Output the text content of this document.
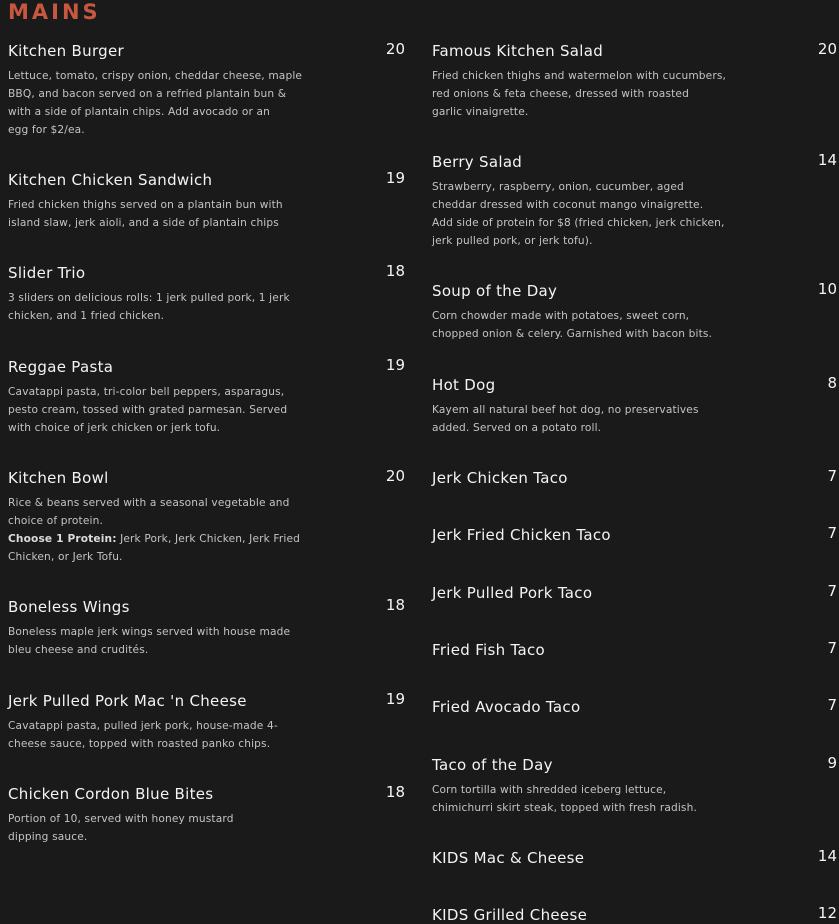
MAINS
Kitchen Burger	20
Lettuce, tomato, crispy onion, cheddar cheese, maple
BBQ, and bacon served on a refried plantain bun &
with a side of plantain chips. Add avocado or an
egg for $2/ea.
Kitchen Chicken Sandwich	19
Fried chicken thighs served on a plantain bun with
island slaw, jerk aioli, and a side of plantain chips
Slider Trio	18
3 sliders on delicious rolls: 1 jerk pulled pork, 1 jerk
chicken, and 1 fried chicken.
Reggae Pasta	19
Cavatappi pasta, tri-color bell peppers, asparagus,
pesto cream, tossed with grated parmesan. Served
with choice of jerk chicken or jerk tofu.
Kitchen Bowl	20
Rice & beans served with a seasonal vegetable and
choice of protein.
Choose 1 Protein: Jerk Pork, Jerk Chicken, Jerk Fried
Chicken, or Jerk Tofu.
Boneless Wings	18
Boneless maple jerk wings served with house made
bleu cheese and crudités.
Jerk Pulled Pork Mac 'n Cheese	19
Cavatappi pasta, pulled jerk pork, house-made 4-
cheese sauce, topped with roasted panko chips.
Chicken Cordon Blue Bites	18
Portion of 10, served with honey mustard
dipping sauce.
Famous Kitchen Salad	20
Fried chicken thighs and watermelon with cucumbers,
red onions & feta cheese, dressed with roasted
garlic vinaigrette.
Berry Salad	14
Strawberry, raspberry, onion, cucumber, aged
cheddar dressed with coconut mango vinaigrette.
Add side of protein for $8 (fried chicken, jerk chicken,
jerk pulled pork, or jerk tofu).
Soup of the Day	10
Corn chowder made with potatoes, sweet corn,
chopped onion & celery. Garnished with bacon bits.
Hot Dog	8
Kayem all natural beef hot dog, no preservatives
added. Served on a potato roll.
Jerk Chicken Taco	7
Jerk Fried Chicken Taco	7
Jerk Pulled Pork Taco	7
Fried Fish Taco	7
Fried Avocado Taco	7
Taco of the Day	9
Corn tortilla with shredded iceberg lettuce,
chimichurri skirt steak, topped with fresh radish.
KIDS Mac & Cheese	14
KIDS Grilled Cheese	12
